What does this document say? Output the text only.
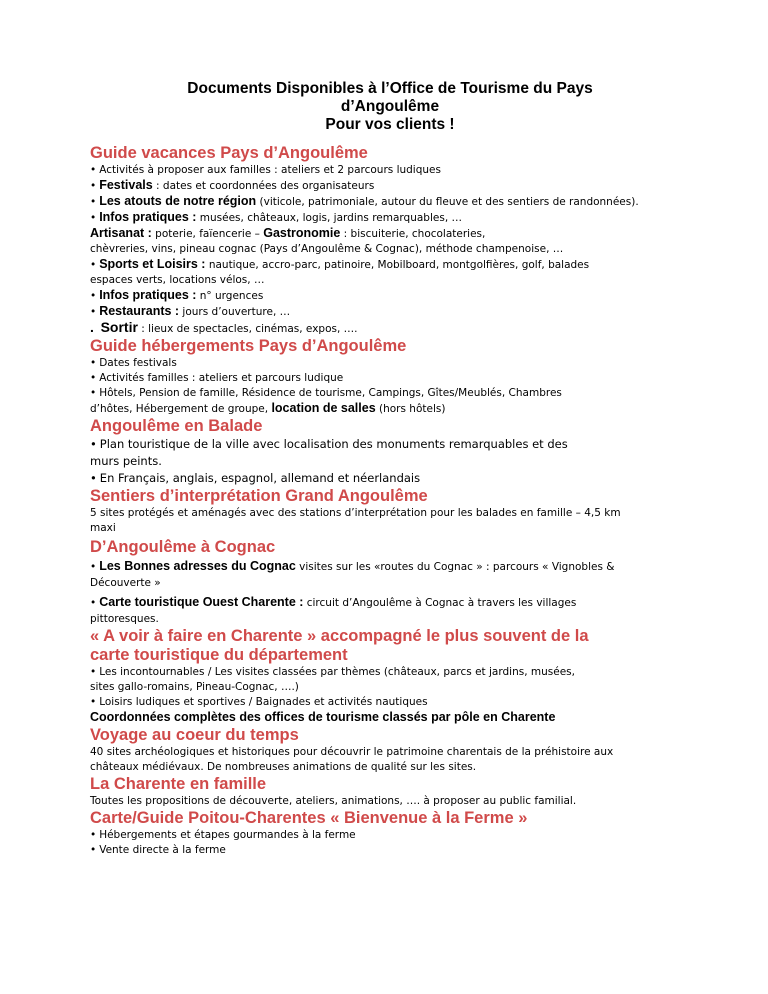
Documents Disponibles à l’Office de Tourisme du Pays
d’Angoulême
Pour vos clients !
Guide vacances Pays d’Angoulême
• Activités à proposer aux familles : ateliers et 2 parcours ludiques
• Festivals : dates et coordonnées des organisateurs
• Les atouts de notre région (viticole, patrimoniale, autour du fleuve et des sentiers de randonnées).
• Infos pratiques : musées, châteaux, logis, jardins remarquables, …
Artisanat : poterie, faïencerie – Gastronomie : biscuiterie, chocolateries,
chèvreries, vins, pineau cognac (Pays d’Angoulême & Cognac), méthode champenoise, …
• Sports et Loisirs : nautique, accro-parc, patinoire, Mobilboard, montgolfières, golf, balades
espaces verts, locations vélos, …
• Infos pratiques : n° urgences
• Restaurants : jours d’ouverture, …
. Sortir : lieux de spectacles, cinémas, expos, ….
Guide hébergements Pays d’Angoulême
• Dates festivals
• Activités familles : ateliers et parcours ludique
• Hôtels, Pension de famille, Résidence de tourisme, Campings, Gîtes/Meublés, Chambres
d’hôtes, Hébergement de groupe, location de salles (hors hôtels)
Angoulême en Balade
• Plan touristique de la ville avec localisation des monuments remarquables et des
murs peints.
• En Français, anglais, espagnol, allemand et néerlandais
Sentiers d’interprétation Grand Angoulême
5 sites protégés et aménagés avec des stations d’interprétation pour les balades en famille – 4,5 km
maxi
D’Angoulême à Cognac
• Les Bonnes adresses du Cognac visites sur les «routes du Cognac » : parcours « Vignobles &
Découverte »
• Carte touristique Ouest Charente : circuit d’Angoulême à Cognac à travers les villages
pittoresques.
« A voir à faire en Charente » accompagné le plus souvent de la
carte touristique du département
• Les incontournables / Les visites classées par thèmes (châteaux, parcs et jardins, musées,
sites gallo-romains, Pineau-Cognac, ….)
• Loisirs ludiques et sportives / Baignades et activités nautiques
Coordonnées complètes des offices de tourisme classés par pôle en Charente
Voyage au coeur du temps
40 sites archéologiques et historiques pour découvrir le patrimoine charentais de la préhistoire aux
châteaux médiévaux. De nombreuses animations de qualité sur les sites.
La Charente en famille
Toutes les propositions de découverte, ateliers, animations, …. à proposer au public familial.
Carte/Guide Poitou-Charentes « Bienvenue à la Ferme »
• Hébergements et étapes gourmandes à la ferme
• Vente directe à la ferme
